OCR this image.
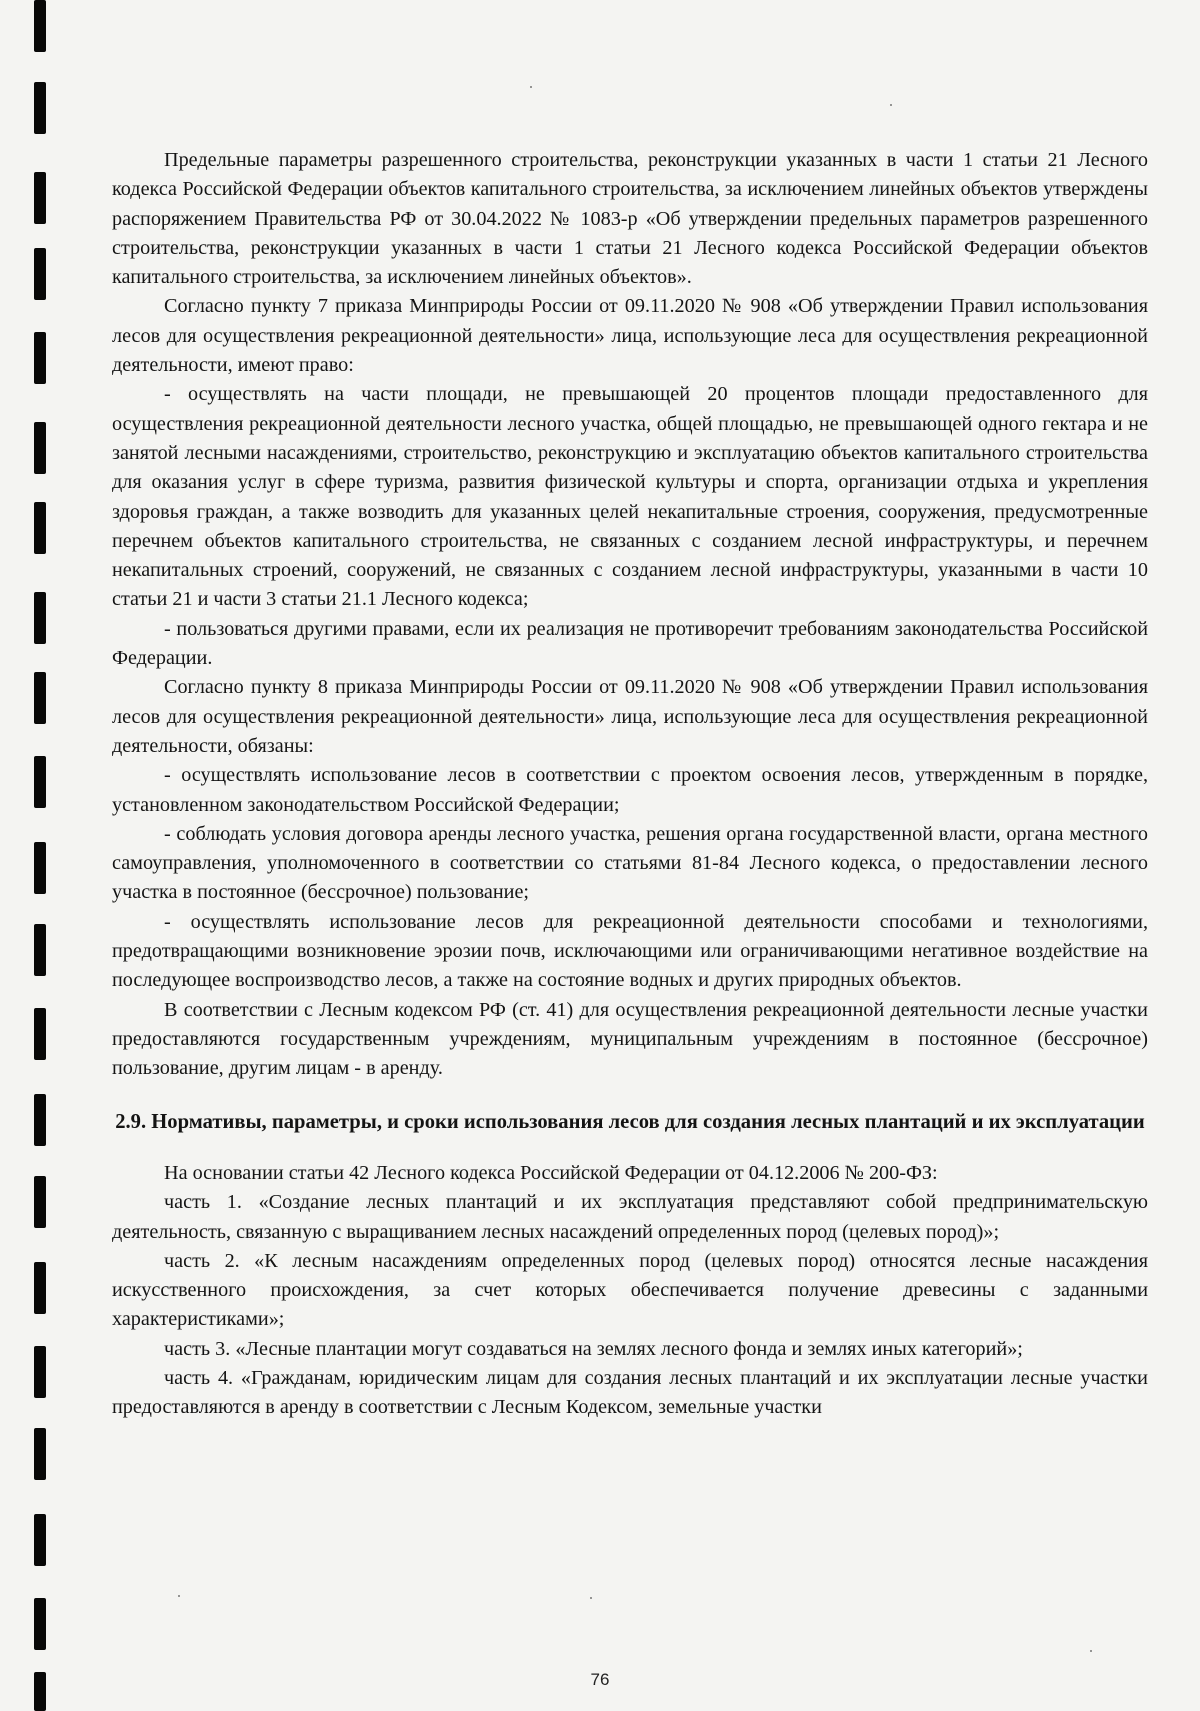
Предельные параметры разрешенного строительства, реконструкции указанных в части 1 статьи 21 Лесного кодекса Российской Федерации объектов капитального строительства, за исключением линейных объектов утверждены распоряжением Правительства РФ от 30.04.2022 № 1083-р «Об утверждении предельных параметров разрешенного строительства, реконструкции указанных в части 1 статьи 21 Лесного кодекса Российской Федерации объектов капитального строительства, за исключением линейных объектов».

Согласно пункту 7 приказа Минприроды России от 09.11.2020 № 908 «Об утверждении Правил использования лесов для осуществления рекреационной деятельности» лица, использующие леса для осуществления рекреационной деятельности, имеют право:

- осуществлять на части площади, не превышающей 20 процентов площади предоставленного для осуществления рекреационной деятельности лесного участка, общей площадью, не превышающей одного гектара и не занятой лесными насаждениями, строительство, реконструкцию и эксплуатацию объектов капитального строительства для оказания услуг в сфере туризма, развития физической культуры и спорта, организации отдыха и укрепления здоровья граждан, а также возводить для указанных целей некапитальные строения, сооружения, предусмотренные перечнем объектов капитального строительства, не связанных с созданием лесной инфраструктуры, и перечнем некапитальных строений, сооружений, не связанных с созданием лесной инфраструктуры, указанными в части 10 статьи 21 и части 3 статьи 21.1 Лесного кодекса;

- пользоваться другими правами, если их реализация не противоречит требованиям законодательства Российской Федерации.

Согласно пункту 8 приказа Минприроды России от 09.11.2020 № 908 «Об утверждении Правил использования лесов для осуществления рекреационной деятельности» лица, использующие леса для осуществления рекреационной деятельности, обязаны:

- осуществлять использование лесов в соответствии с проектом освоения лесов, утвержденным в порядке, установленном законодательством Российской Федерации;

- соблюдать условия договора аренды лесного участка, решения органа государственной власти, органа местного самоуправления, уполномоченного в соответствии со статьями 81-84 Лесного кодекса, о предоставлении лесного участка в постоянное (бессрочное) пользование;

- осуществлять использование лесов для рекреационной деятельности способами и технологиями, предотвращающими возникновение эрозии почв, исключающими или ограничивающими негативное воздействие на последующее воспроизводство лесов, а также на состояние водных и других природных объектов.

В соответствии с Лесным кодексом РФ (ст. 41) для осуществления рекреационной деятельности лесные участки предоставляются государственным учреждениям, муниципальным учреждениям в постоянное (бессрочное) пользование, другим лицам - в аренду.

2.9. Нормативы, параметры, и сроки использования лесов для создания лесных плантаций и их эксплуатации

На основании статьи 42 Лесного кодекса Российской Федерации от 04.12.2006 № 200-ФЗ:

часть 1. «Создание лесных плантаций и их эксплуатация представляют собой предпринимательскую деятельность, связанную с выращиванием лесных насаждений определенных пород (целевых пород)»;

часть 2. «К лесным насаждениям определенных пород (целевых пород) относятся лесные насаждения искусственного происхождения, за счет которых обеспечивается получение древесины с заданными характеристиками»;

часть 3. «Лесные плантации могут создаваться на землях лесного фонда и землях иных категорий»;

часть 4. «Гражданам, юридическим лицам для создания лесных плантаций и их эксплуатации лесные участки предоставляются в аренду в соответствии с Лесным Кодексом, земельные участки

76
